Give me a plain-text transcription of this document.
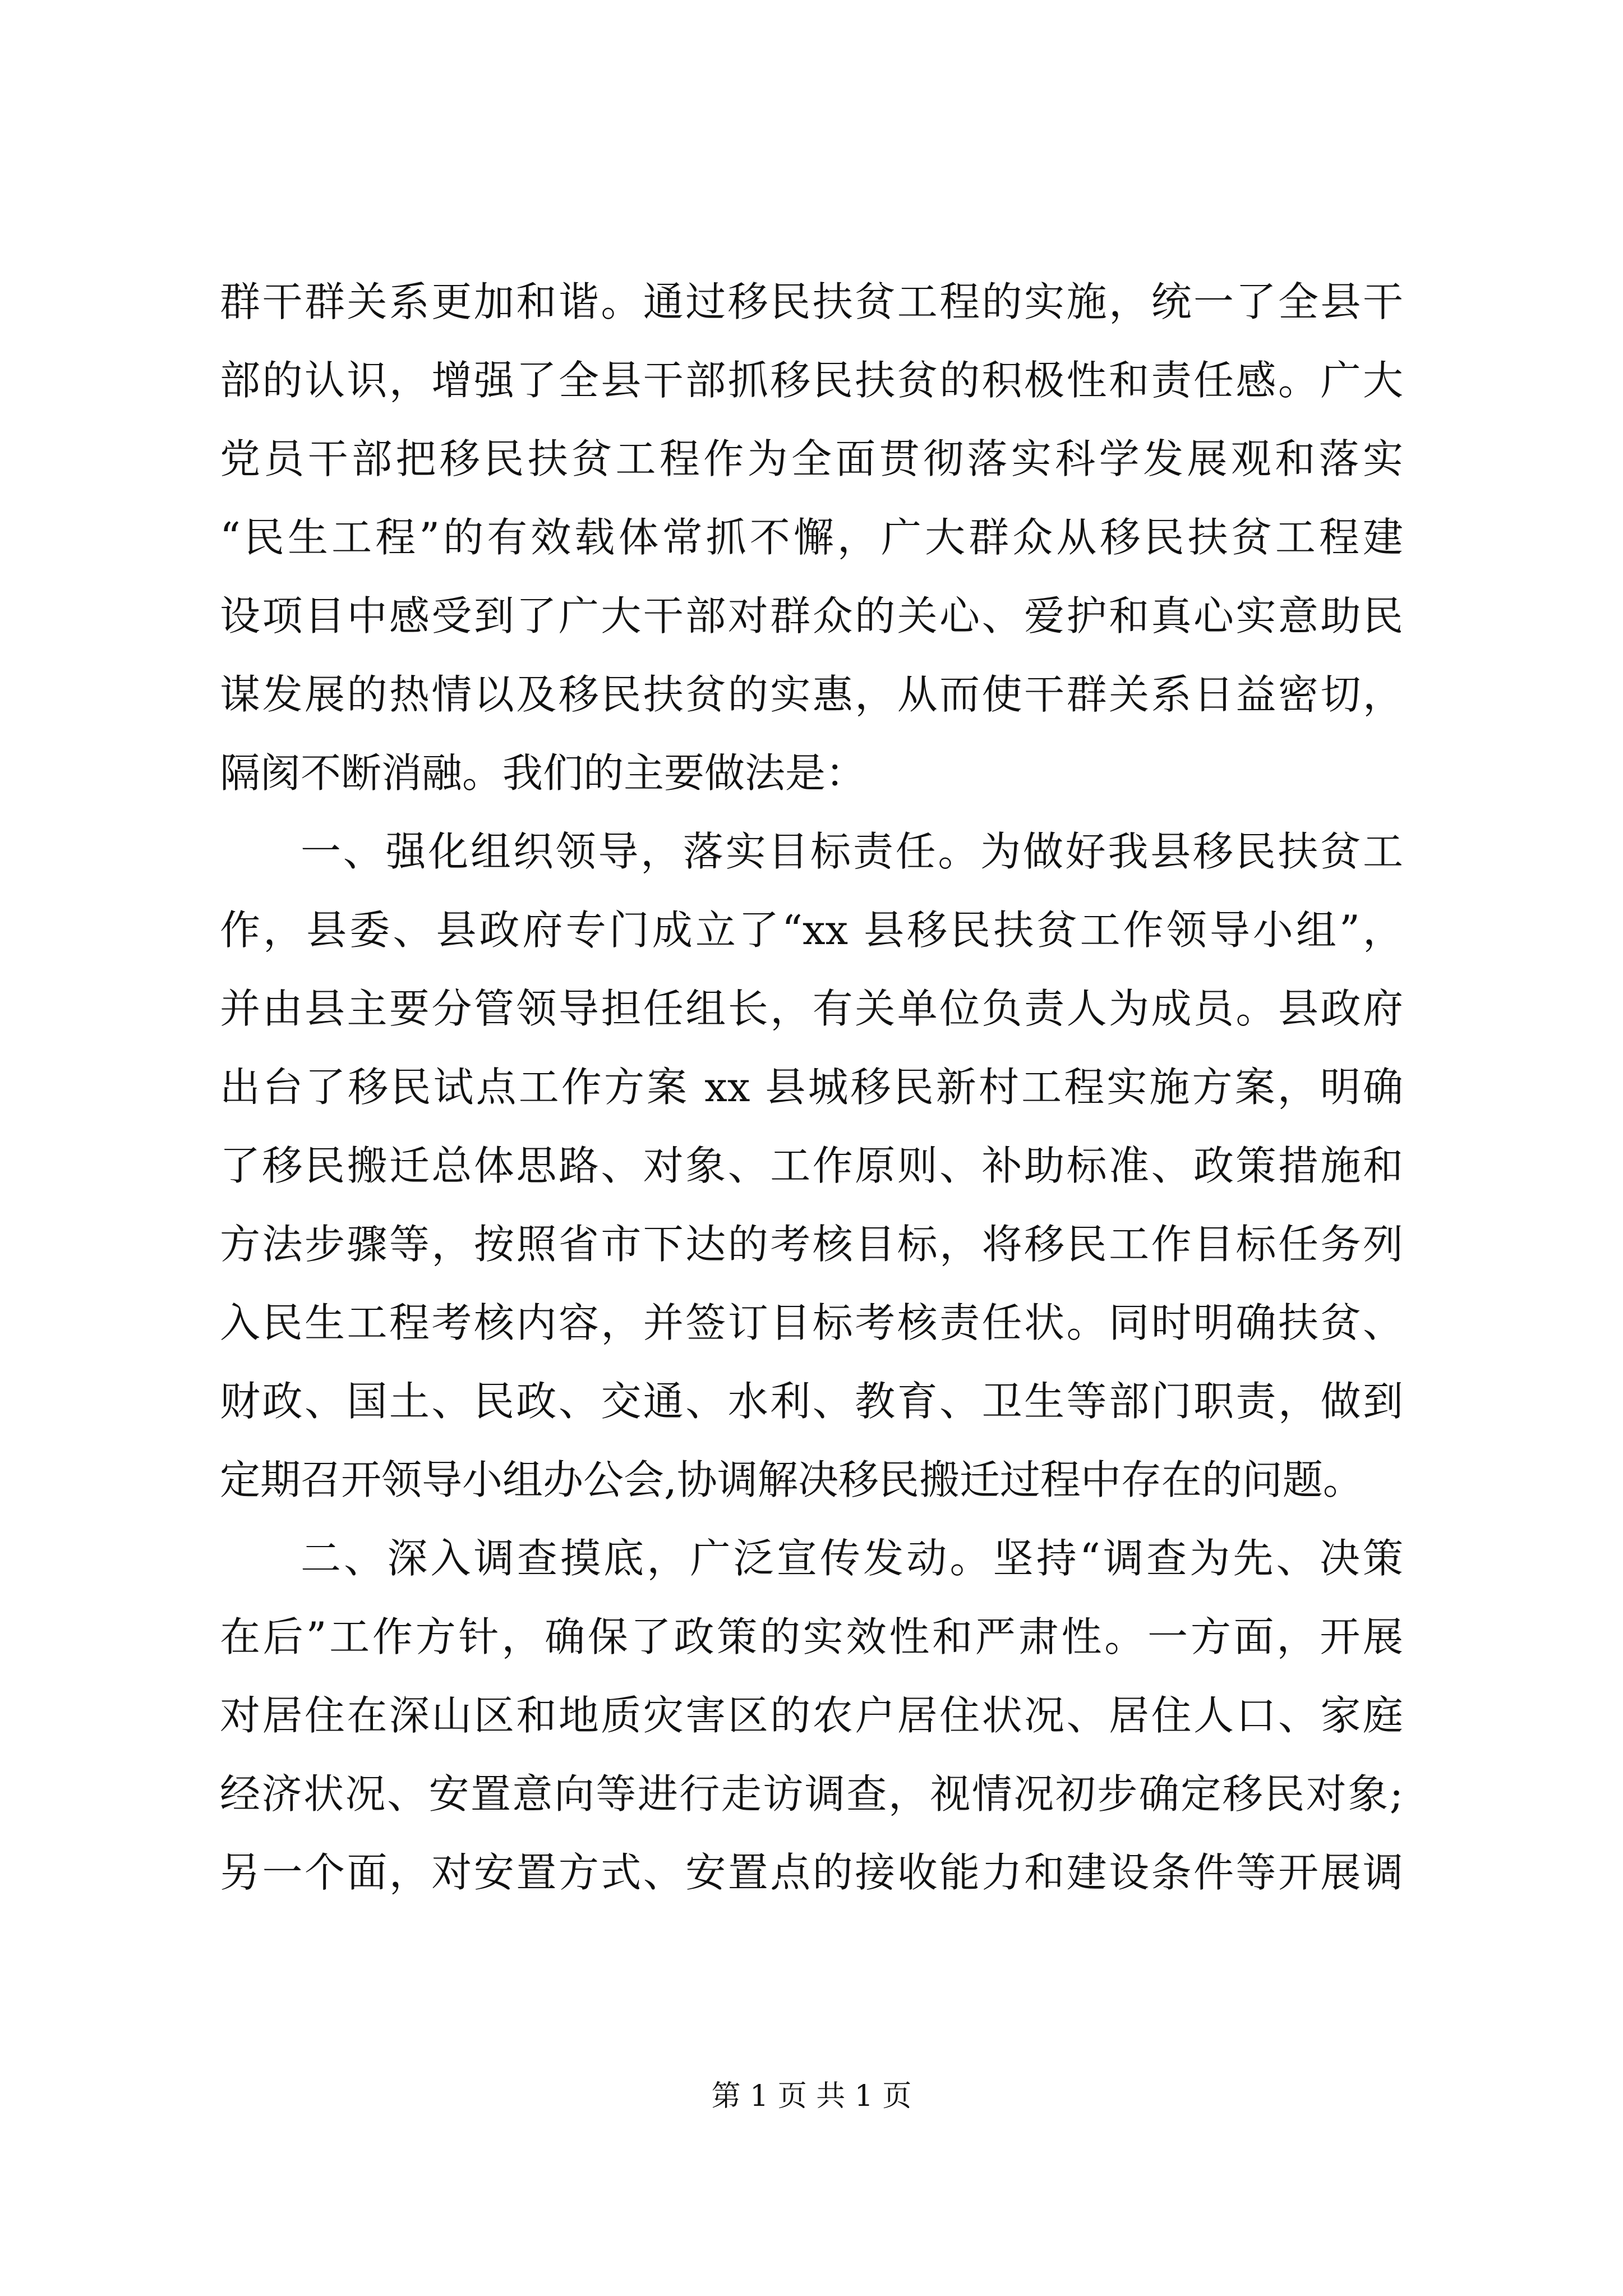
群干群关系更加和谐。通过移民扶贫工程的实施，统一了全县干
部的认识，增强了全县干部抓移民扶贫的积极性和责任感。广大
党员干部把移民扶贫工程作为全面贯彻落实科学发展观和落实
“民生工程”的有效载体常抓不懈，广大群众从移民扶贫工程建
设项目中感受到了广大干部对群众的关心、爱护和真心实意助民
谋发展的热情以及移民扶贫的实惠，从而使干群关系日益密切，
隔阂不断消融。我们的主要做法是：
一、强化组织领导，落实目标责任。为做好我县移民扶贫工
作，县委、县政府专门成立了“xx 县移民扶贫工作领导小组”，
并由县主要分管领导担任组长，有关单位负责人为成员。县政府
出台了移民试点工作方案 xx 县城移民新村工程实施方案，明确
了移民搬迁总体思路、对象、工作原则、补助标准、政策措施和
方法步骤等，按照省市下达的考核目标，将移民工作目标任务列
入民生工程考核内容，并签订目标考核责任状。同时明确扶贫、
财政、国土、民政、交通、水利、教育、卫生等部门职责，做到
定期召开领导小组办公会,协调解决移民搬迁过程中存在的问题。
二、深入调查摸底，广泛宣传发动。坚持“调查为先、决策
在后”工作方针，确保了政策的实效性和严肃性。一方面，开展
对居住在深山区和地质灾害区的农户居住状况、居住人口、家庭
经济状况、安置意向等进行走访调查，视情况初步确定移民对象;
另一个面，对安置方式、安置点的接收能力和建设条件等开展调
第 1 页 共 1 页
